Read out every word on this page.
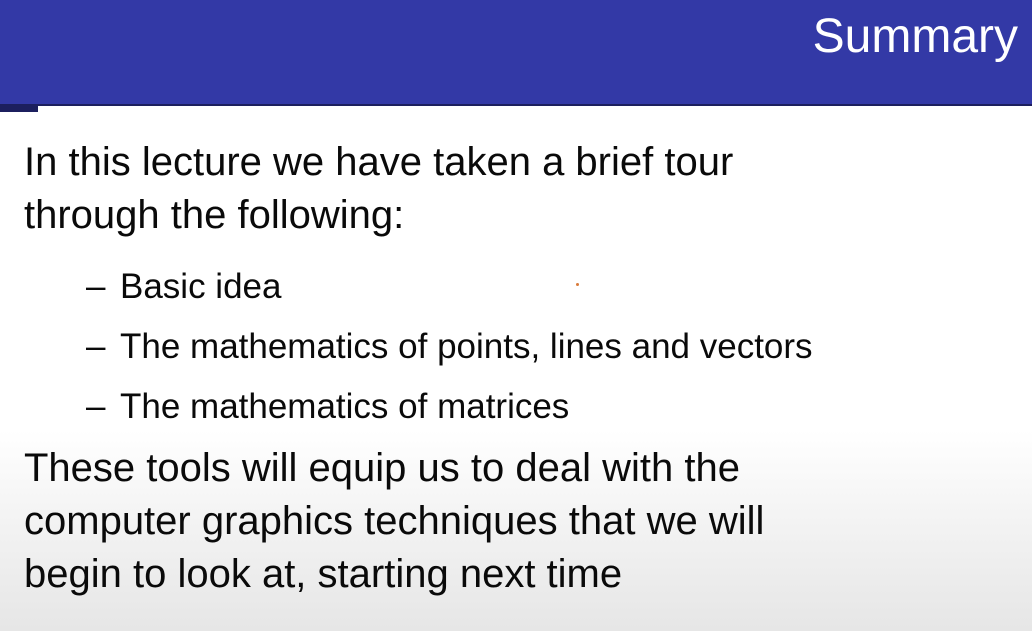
Summary

In this lecture we have taken a brief tour
through the following:

– Basic idea
– The mathematics of points, lines and vectors
– The mathematics of matrices

These tools will equip us to deal with the
computer graphics techniques that we will
begin to look at, starting next time
